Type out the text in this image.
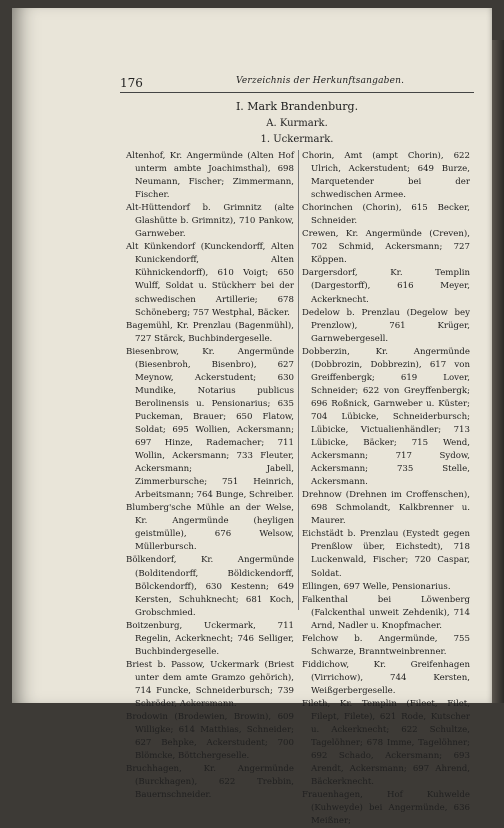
176	Verzeichnis der Herkunftsangaben.
I. Mark Brandenburg.
A. Kurmark.
1. Uckermark.

Altenhof, Kr. Angermünde (Alten Hof unterm ambte Joachimsthal), 698 Neumann, Fischer; Zimmermann, Fischer.

Alt-Hüttendorf b. Grimnitz (alte Glashütte b. Grimnitz), 710 Pankow, Garnweber.

Alt Künkendorf (Kunckendorff, Alten Kunickendorff, Alten Kühnickendorff), 610 Voigt; 650 Wulff, Soldat u. Stückherr bei der schwedischen Artillerie; 678 Schöneberg; 757 Westphal, Bäcker.

Bagemühl, Kr. Prenzlau (Bagenmühl), 727 Stärck, Buchbindergeselle.

Biesenbrow, Kr. Angermünde (Biesenbroh, Bisenbro), 627 Meynow, Ackerstudent; 630 Mundike, Notarius publicus Berolinensis u. Pensionarius; 635 Puckeman, Brauer; 650 Flatow, Soldat; 695 Wollien, Ackersmann; 697 Hinze, Rademacher; 711 Wollin, Ackersmann; 733 Fleuter, Ackersmann; Jabell, Zimmerbursche; 751 Heinrich, Arbeitsmann; 764 Bunge, Schreiber.

Blumberg'sche Mühle an der Welse, Kr. Angermünde (heyligen geistmülle), 676 Welsow, Müllerbursch.

Bölkendorf, Kr. Angermünde (Bolditendorff, Böldickendorff, Bölckendorff), 630 Kestenn; 649 Kersten, Schuhknecht; 681 Koch, Grobschmied.

Boitzenburg, Uckermark, 711 Regelin, Ackerknecht; 746 Selliger, Buchbindergeselle.

Briest b. Passow, Uckermark (Briest unter dem amte Gramzo gehörich), 714 Funcke, Schneiderbursch; 739 Schröder, Ackersmann.

Brodowin (Brodewien, Browin), 609 Willigke; 614 Matthias, Schneider; 627 Behpke, Ackerstudent; 700 Blömcke, Böttchergeselle.

Bruchhagen, Kr. Angermünde (Burckhagen), 622 Trebbin, Bauernschneider.

Chorin, Amt (ampt Chorin), 622 Ulrich, Ackerstudent; 649 Burze, Marquetender bei der schwedischen Armee.

Chorinchen (Chorin), 615 Becker, Schneider.

Crewen, Kr. Angermünde (Creven), 702 Schmid, Ackersmann; 727 Köppen.

Dargersdorf, Kr. Templin (Dargestorff), 616 Meyer, Ackerknecht.

Dedelow b. Prenzlau (Degelow bey Prenzlow), 761 Krüger, Garnwebergesell.

Dobberzin, Kr. Angermünde (Dobbrozin, Dobbrezin), 617 von Greiffenbergk; 619 Lover, Schneider; 622 von Greyffenbergk; 696 Roßnick, Garnweber u. Küster; 704 Lübicke, Schneiderbursch; Lübicke, Victualienhändler; 713 Lübicke, Bäcker; 715 Wend, Ackersmann; 717 Sydow, Ackersmann; 735 Stelle, Ackersmann.

Drehnow (Drehnen im Croffenschen), 698 Schmolandt, Kalkbrenner u. Maurer.

Eichstädt b. Prenzlau (Eystedt gegen Prenßlow über, Eichstedt), 718 Luckenwald, Fischer; 720 Caspar, Soldat.

Ellingen, 697 Welle, Pensionarius.

Falkenthal bei Löwenberg (Falckenthal unweit Zehdenik), 714 Arnd, Nadler u. Knopfmacher.

Felchow b. Angermünde, 755 Schwarze, Branntweinbrenner.

Fiddichow, Kr. Greifenhagen (Virrichow), 744 Kersten, Weißgerbergeselle.

Fileth, Kr. Templin (Fileet, Filet, Filept, Filete), 621 Rode, Kutscher u. Ackerknecht; 622 Schultze, Tagelöhner; 678 Imme, Tagelöhner; 692 Schado, Ackersmann; 693 Arendt, Ackersmann; 697 Ahrend, Bäckerknecht.

Frauenhagen, Hof Kuhwelde (Kuhweyde) bei Angermünde, 636 Meißner;
